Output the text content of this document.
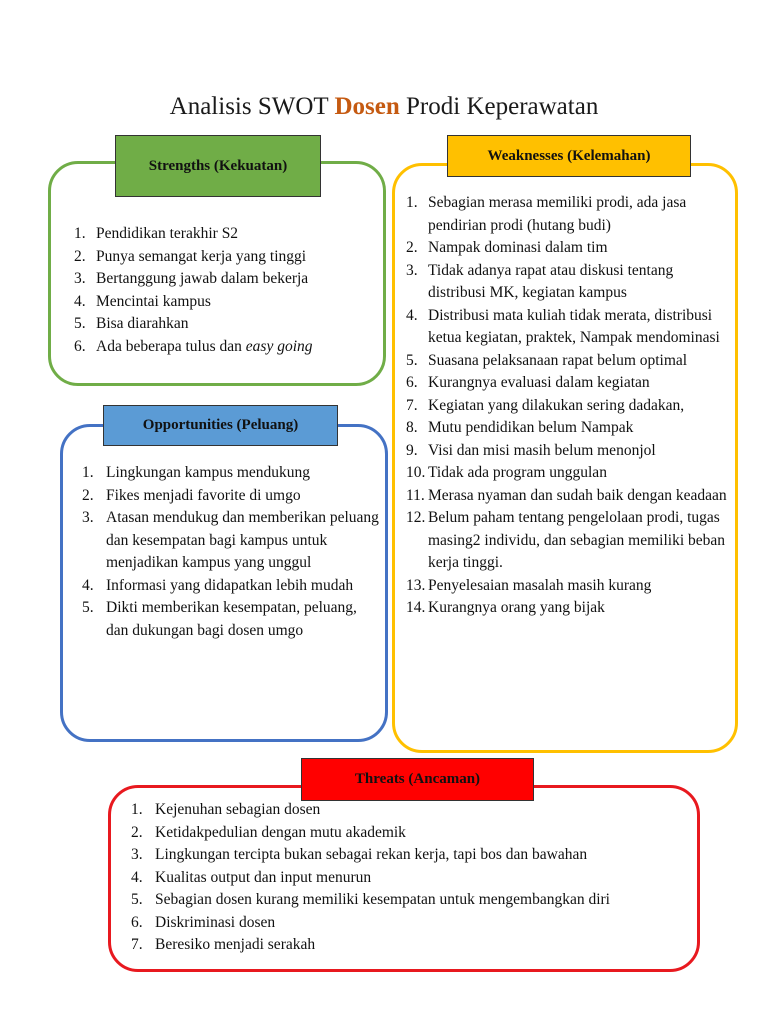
Analisis SWOT Dosen Prodi Keperawatan
Strengths (Kekuatan)
1. Pendidikan terakhir S2
2. Punya semangat kerja yang tinggi
3. Bertanggung jawab dalam bekerja
4. Mencintai kampus
5. Bisa diarahkan
6. Ada beberapa tulus dan easy going
Weaknesses (Kelemahan)
1. Sebagian merasa memiliki prodi, ada jasa pendirian prodi (hutang budi)
2. Nampak dominasi dalam tim
3. Tidak adanya rapat atau diskusi tentang distribusi MK, kegiatan kampus
4. Distribusi mata kuliah tidak merata, distribusi ketua kegiatan, praktek, Nampak mendominasi
5. Suasana pelaksanaan rapat belum optimal
6. Kurangnya evaluasi dalam kegiatan
7. Kegiatan yang dilakukan sering dadakan,
8. Mutu pendidikan belum Nampak
9. Visi dan misi masih belum menonjol
10. Tidak ada program unggulan
11. Merasa nyaman dan sudah baik dengan keadaan
12. Belum paham tentang pengelolaan prodi, tugas masing2 individu, dan sebagian memiliki beban kerja tinggi.
13. Penyelesaian masalah masih kurang
14. Kurangnya orang yang bijak
Opportunities (Peluang)
1. Lingkungan kampus mendukung
2. Fikes menjadi favorite di umgo
3. Atasan mendukug dan memberikan peluang dan kesempatan bagi kampus untuk menjadikan kampus yang unggul
4. Informasi yang didapatkan lebih mudah
5. Dikti memberikan kesempatan, peluang, dan dukungan bagi dosen umgo
Threats (Ancaman)
1. Kejenuhan sebagian dosen
2. Ketidakpedulian dengan mutu akademik
3. Lingkungan tercipta bukan sebagai rekan kerja, tapi bos dan bawahan
4. Kualitas output dan input menurun
5. Sebagian dosen kurang memiliki kesempatan untuk mengembangkan diri
6. Diskriminasi dosen
7. Beresiko menjadi serakah
